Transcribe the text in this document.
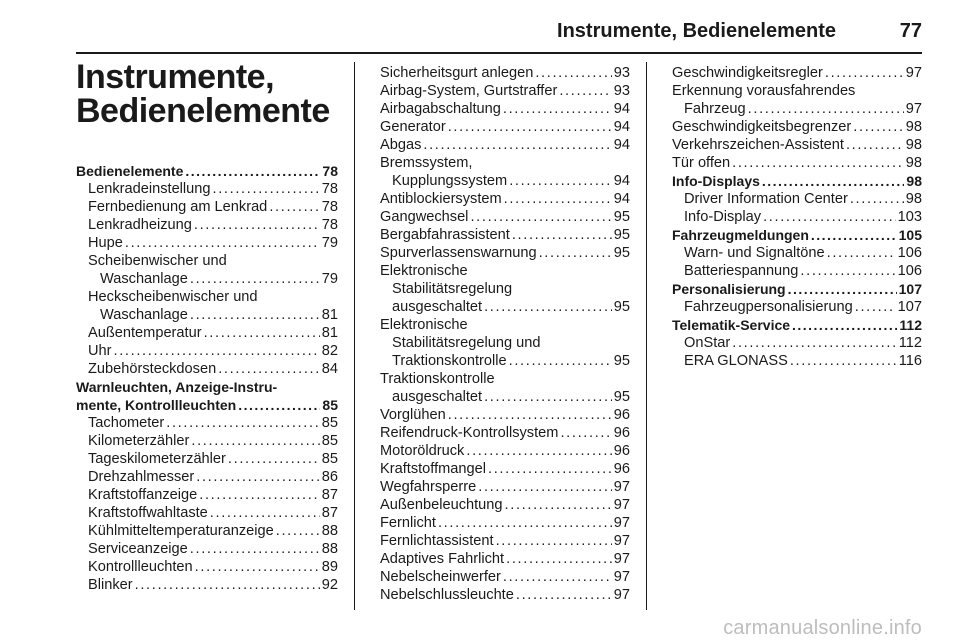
Instrumente, Bedienelemente	77
Instrumente,
Bedienelemente
Bedienelemente . . .	78
Lenkradeinstellung . . .	78
Fernbedienung am Lenkrad . . .	78
Lenkradheizung . . .	78
Hupe . . .	79
Scheibenwischer und
Waschanlage . . .	79
Heckscheibenwischer und
Waschanlage . . .	81
Außentemperatur . . .	81
Uhr . . .	82
Zubehörsteckdosen . . .	84
Warnleuchten, Anzeige-Instru-
mente, Kontrollleuchten . . .	85
Tachometer . . .	85
Kilometerzähler . . .	85
Tageskilometerzähler . . .	85
Drehzahlmesser . . .	86
Kraftstoffanzeige . . .	87
Kraftstoffwahltaste . . .	87
Kühlmitteltemperaturanzeige . . .	88
Serviceanzeige . . .	88
Kontrollleuchten . . .	89
Blinker . . .	92
Sicherheitsgurt anlegen . . .	93
Airbag-System, Gurtstraffer . . .	93
Airbagabschaltung . . .	94
Generator . . .	94
Abgas . . .	94
Bremssystem,
Kupplungssystem . . .	94
Antiblockiersystem . . .	94
Gangwechsel . . .	95
Bergabfahrassistent . . .	95
Spurverlassenswarnung . . .	95
Elektronische
Stabilitätsregelung
ausgeschaltet . . .	95
Elektronische
Stabilitätsregelung und
Traktionskontrolle . . .	95
Traktionskontrolle
ausgeschaltet . . .	95
Vorglühen . . .	96
Reifendruck-Kontrollsystem . . .	96
Motoröldruck . . .	96
Kraftstoffmangel . . .	96
Wegfahrsperre . . .	97
Außenbeleuchtung . . .	97
Fernlicht . . .	97
Fernlichtassistent . . .	97
Adaptives Fahrlicht . . .	97
Nebelscheinwerfer . . .	97
Nebelschlussleuchte . . .	97
Geschwindigkeitsregler . . .	97
Erkennung vorausfahrendes
Fahrzeug . . .	97
Geschwindigkeitsbegrenzer . . .	98
Verkehrszeichen-Assistent . . .	98
Tür offen . . .	98
Info-Displays . . .	98
Driver Information Center . . .	98
Info-Display . . .	103
Fahrzeugmeldungen . . .	105
Warn- und Signaltöne . . .	106
Batteriespannung . . .	106
Personalisierung . . .	107
Fahrzeugpersonalisierung . . .	107
Telematik-Service . . .	112
OnStar . . .	112
ERA GLONASS . . .	116
carmanualsonline.info
